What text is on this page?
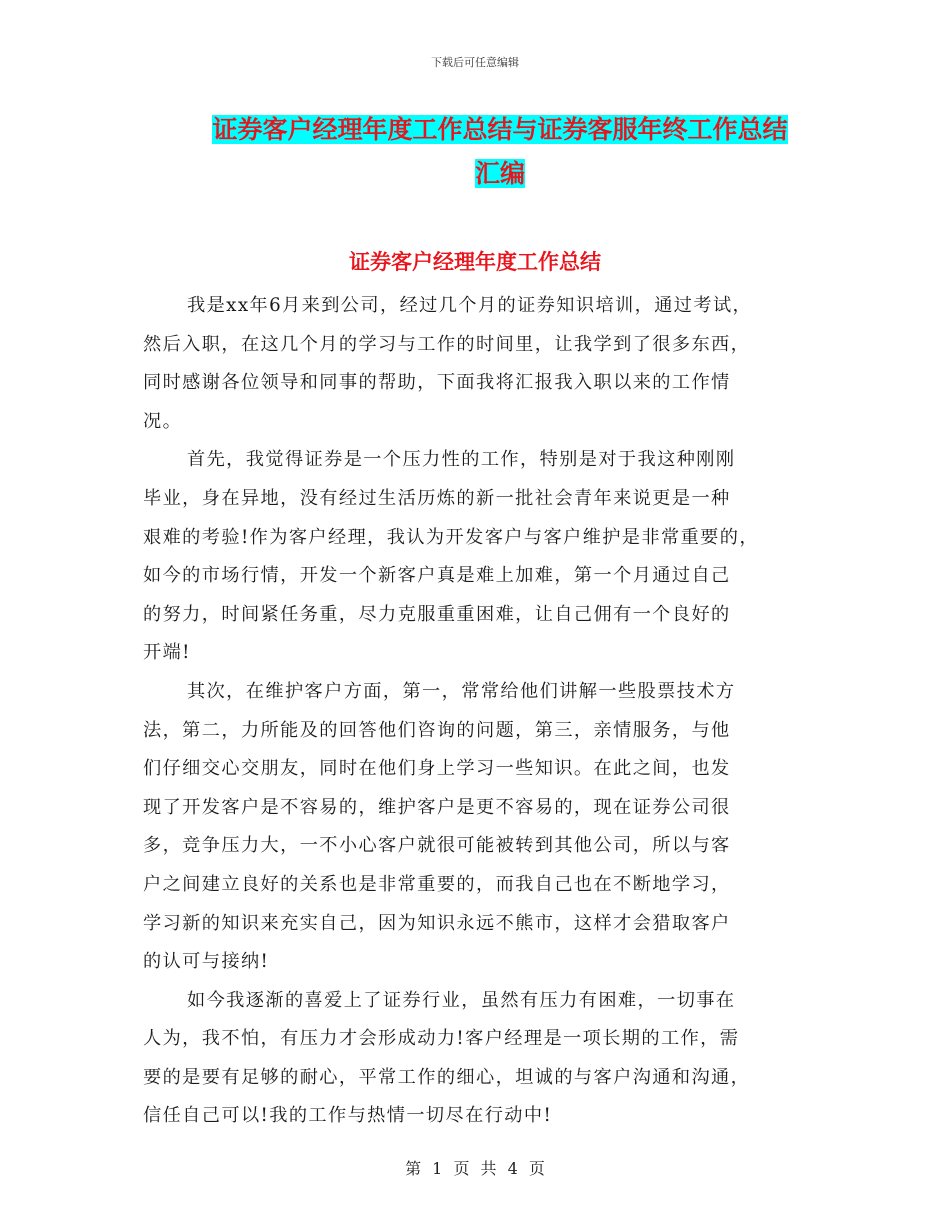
下载后可任意编辑
证券客户经理年度工作总结与证券客服年终工作总结
汇编
证券客户经理年度工作总结
我是xx年6月来到公司，经过几个月的证券知识培训，通过考试，
然后入职，在这几个月的学习与工作的时间里，让我学到了很多东西，
同时感谢各位领导和同事的帮助，下面我将汇报我入职以来的工作情
况。
首先，我觉得证券是一个压力性的工作，特别是对于我这种刚刚
毕业，身在异地，没有经过生活历炼的新一批社会青年来说更是一种
艰难的考验!作为客户经理，我认为开发客户与客户维护是非常重要的，
如今的市场行情，开发一个新客户真是难上加难，第一个月通过自己
的努力，时间紧任务重，尽力克服重重困难，让自己佣有一个良好的
开端!
其次，在维护客户方面，第一，常常给他们讲解一些股票技术方
法，第二，力所能及的回答他们咨询的问题，第三，亲情服务，与他
们仔细交心交朋友，同时在他们身上学习一些知识。在此之间，也发
现了开发客户是不容易的，维护客户是更不容易的，现在证券公司很
多，竞争压力大，一不小心客户就很可能被转到其他公司，所以与客
户之间建立良好的关系也是非常重要的，而我自己也在不断地学习，
学习新的知识来充实自己，因为知识永远不熊市，这样才会猎取客户
的认可与接纳!
如今我逐渐的喜爱上了证券行业，虽然有压力有困难，一切事在
人为，我不怕，有压力才会形成动力!客户经理是一项长期的工作，需
要的是要有足够的耐心，平常工作的细心，坦诚的与客户沟通和沟通，
信任自己可以!我的工作与热情一切尽在行动中!
第 1 页 共 4 页
